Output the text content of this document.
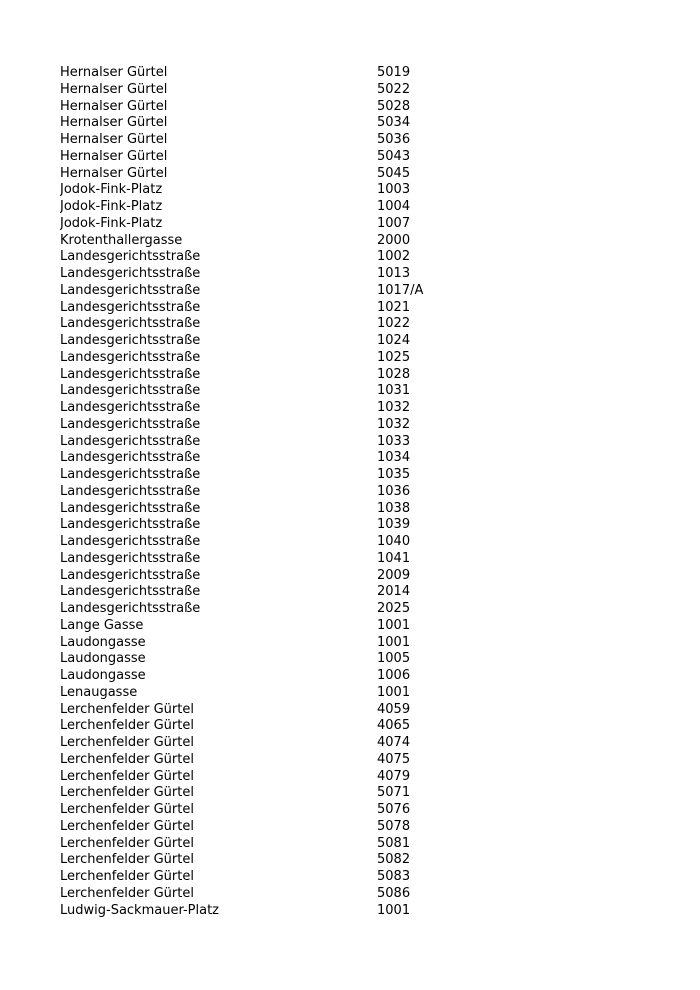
Hernalser Gürtel	5019
Hernalser Gürtel	5022
Hernalser Gürtel	5028
Hernalser Gürtel	5034
Hernalser Gürtel	5036
Hernalser Gürtel	5043
Hernalser Gürtel	5045
Jodok-Fink-Platz	1003
Jodok-Fink-Platz	1004
Jodok-Fink-Platz	1007
Krotenthallergasse	2000
Landesgerichtsstraße	1002
Landesgerichtsstraße	1013
Landesgerichtsstraße	1017/A
Landesgerichtsstraße	1021
Landesgerichtsstraße	1022
Landesgerichtsstraße	1024
Landesgerichtsstraße	1025
Landesgerichtsstraße	1028
Landesgerichtsstraße	1031
Landesgerichtsstraße	1032
Landesgerichtsstraße	1032
Landesgerichtsstraße	1033
Landesgerichtsstraße	1034
Landesgerichtsstraße	1035
Landesgerichtsstraße	1036
Landesgerichtsstraße	1038
Landesgerichtsstraße	1039
Landesgerichtsstraße	1040
Landesgerichtsstraße	1041
Landesgerichtsstraße	2009
Landesgerichtsstraße	2014
Landesgerichtsstraße	2025
Lange Gasse	1001
Laudongasse	1001
Laudongasse	1005
Laudongasse	1006
Lenaugasse	1001
Lerchenfelder Gürtel	4059
Lerchenfelder Gürtel	4065
Lerchenfelder Gürtel	4074
Lerchenfelder Gürtel	4075
Lerchenfelder Gürtel	4079
Lerchenfelder Gürtel	5071
Lerchenfelder Gürtel	5076
Lerchenfelder Gürtel	5078
Lerchenfelder Gürtel	5081
Lerchenfelder Gürtel	5082
Lerchenfelder Gürtel	5083
Lerchenfelder Gürtel	5086
Ludwig-Sackmauer-Platz	1001
